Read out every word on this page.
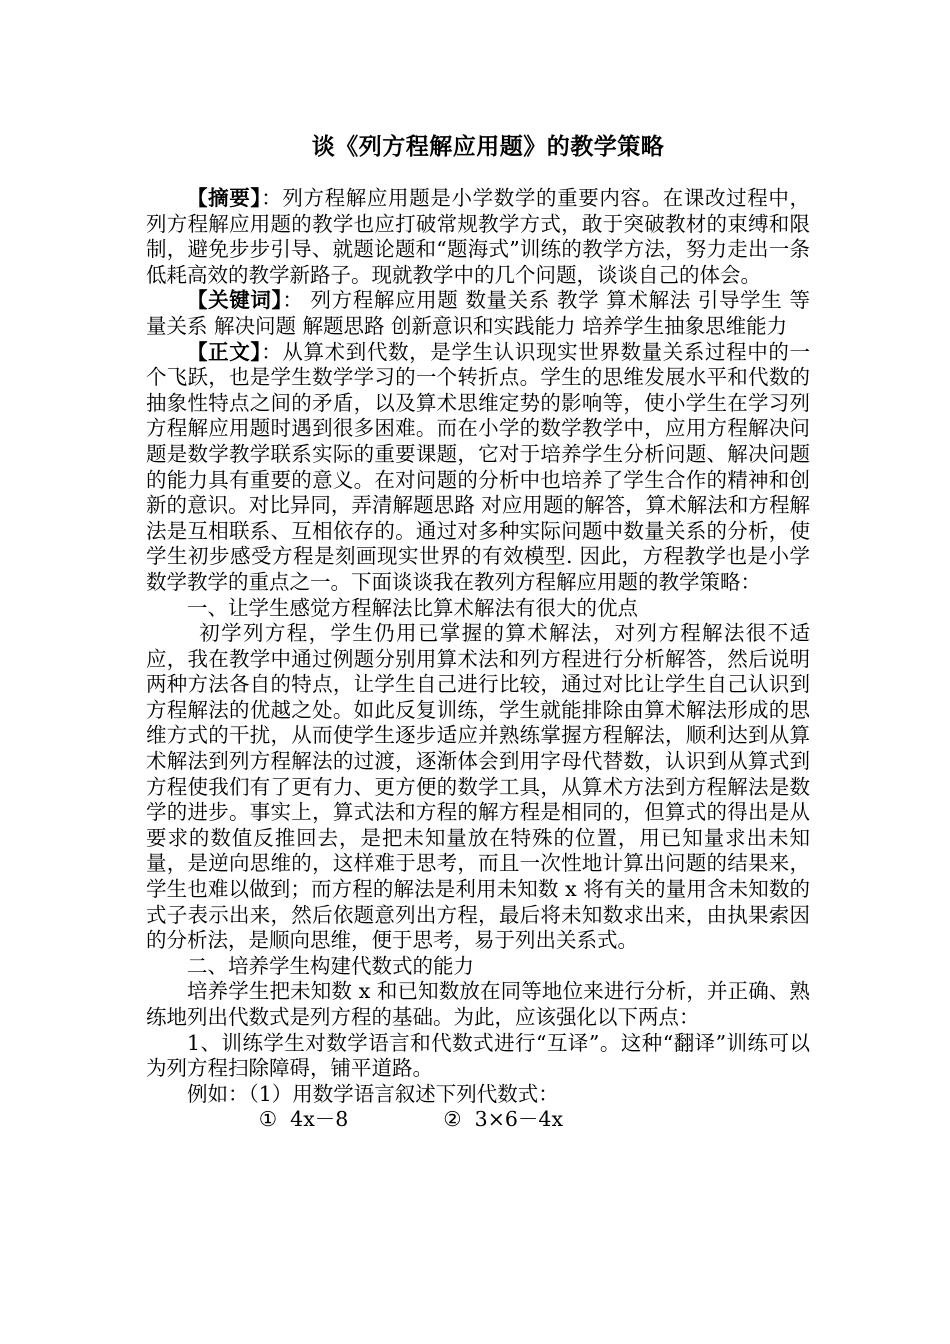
谈《列方程解应用题》的教学策略

【摘要】：列方程解应用题是小学数学的重要内容。在课改过程中，列方程解应用题的教学也应打破常规教学方式，敢于突破教材的束缚和限制，避免步步引导、就题论题和“题海式”训练的教学方法，努力走出一条低耗高效的教学新路子。现就教学中的几个问题，谈谈自己的体会。

【关键词】： 列方程解应用题 数量关系 教学 算术解法 引导学生 等量关系 解决问题 解题思路 创新意识和实践能力 培养学生抽象思维能力

【正文】：从算术到代数，是学生认识现实世界数量关系过程中的一个飞跃，也是学生数学学习的一个转折点。学生的思维发展水平和代数的抽象性特点之间的矛盾，以及算术思维定势的影响等，使小学生在学习列方程解应用题时遇到很多困难。而在小学的数学教学中，应用方程解决问题是数学教学联系实际的重要课题，它对于培养学生分析问题、解决问题的能力具有重要的意义。在对问题的分析中也培养了学生合作的精神和创新的意识。对比异同，弄清解题思路 对应用题的解答，算术解法和方程解法是互相联系、互相依存的。通过对多种实际问题中数量关系的分析，使学生初步感受方程是刻画现实世界的有效模型. 因此，方程教学也是小学数学教学的重点之一。下面谈谈我在教列方程解应用题的教学策略：

一、让学生感觉方程解法比算术解法有很大的优点

初学列方程，学生仍用已掌握的算术解法，对列方程解法很不适应，我在教学中通过例题分别用算术法和列方程进行分析解答，然后说明两种方法各自的特点，让学生自己进行比较，通过对比让学生自己认识到方程解法的优越之处。如此反复训练，学生就能排除由算术解法形成的思维方式的干扰，从而使学生逐步适应并熟练掌握方程解法，顺利达到从算术解法到列方程解法的过渡，逐渐体会到用字母代替数，认识到从算式到方程使我们有了更有力、更方便的数学工具，从算术方法到方程解法是数学的进步。事实上，算式法和方程的解方程是相同的，但算式的得出是从要求的数值反推回去，是把未知量放在特殊的位置，用已知量求出未知量，是逆向思维的，这样难于思考，而且一次性地计算出问题的结果来，学生也难以做到；而方程的解法是利用未知数 x 将有关的量用含未知数的式子表示出来，然后依题意列出方程，最后将未知数求出来，由执果索因的分析法，是顺向思维，便于思考，易于列出关系式。

二、培养学生构建代数式的能力

培养学生把未知数 x 和已知数放在同等地位来进行分析，并正确、熟练地列出代数式是列方程的基础。为此，应该强化以下两点：

1、训练学生对数学语言和代数式进行“互译”。这种“翻译”训练可以为列方程扫除障碍，铺平道路。

例如：（1）用数学语言叙述下列代数式：

①  4x－8	②  3×6－4x
